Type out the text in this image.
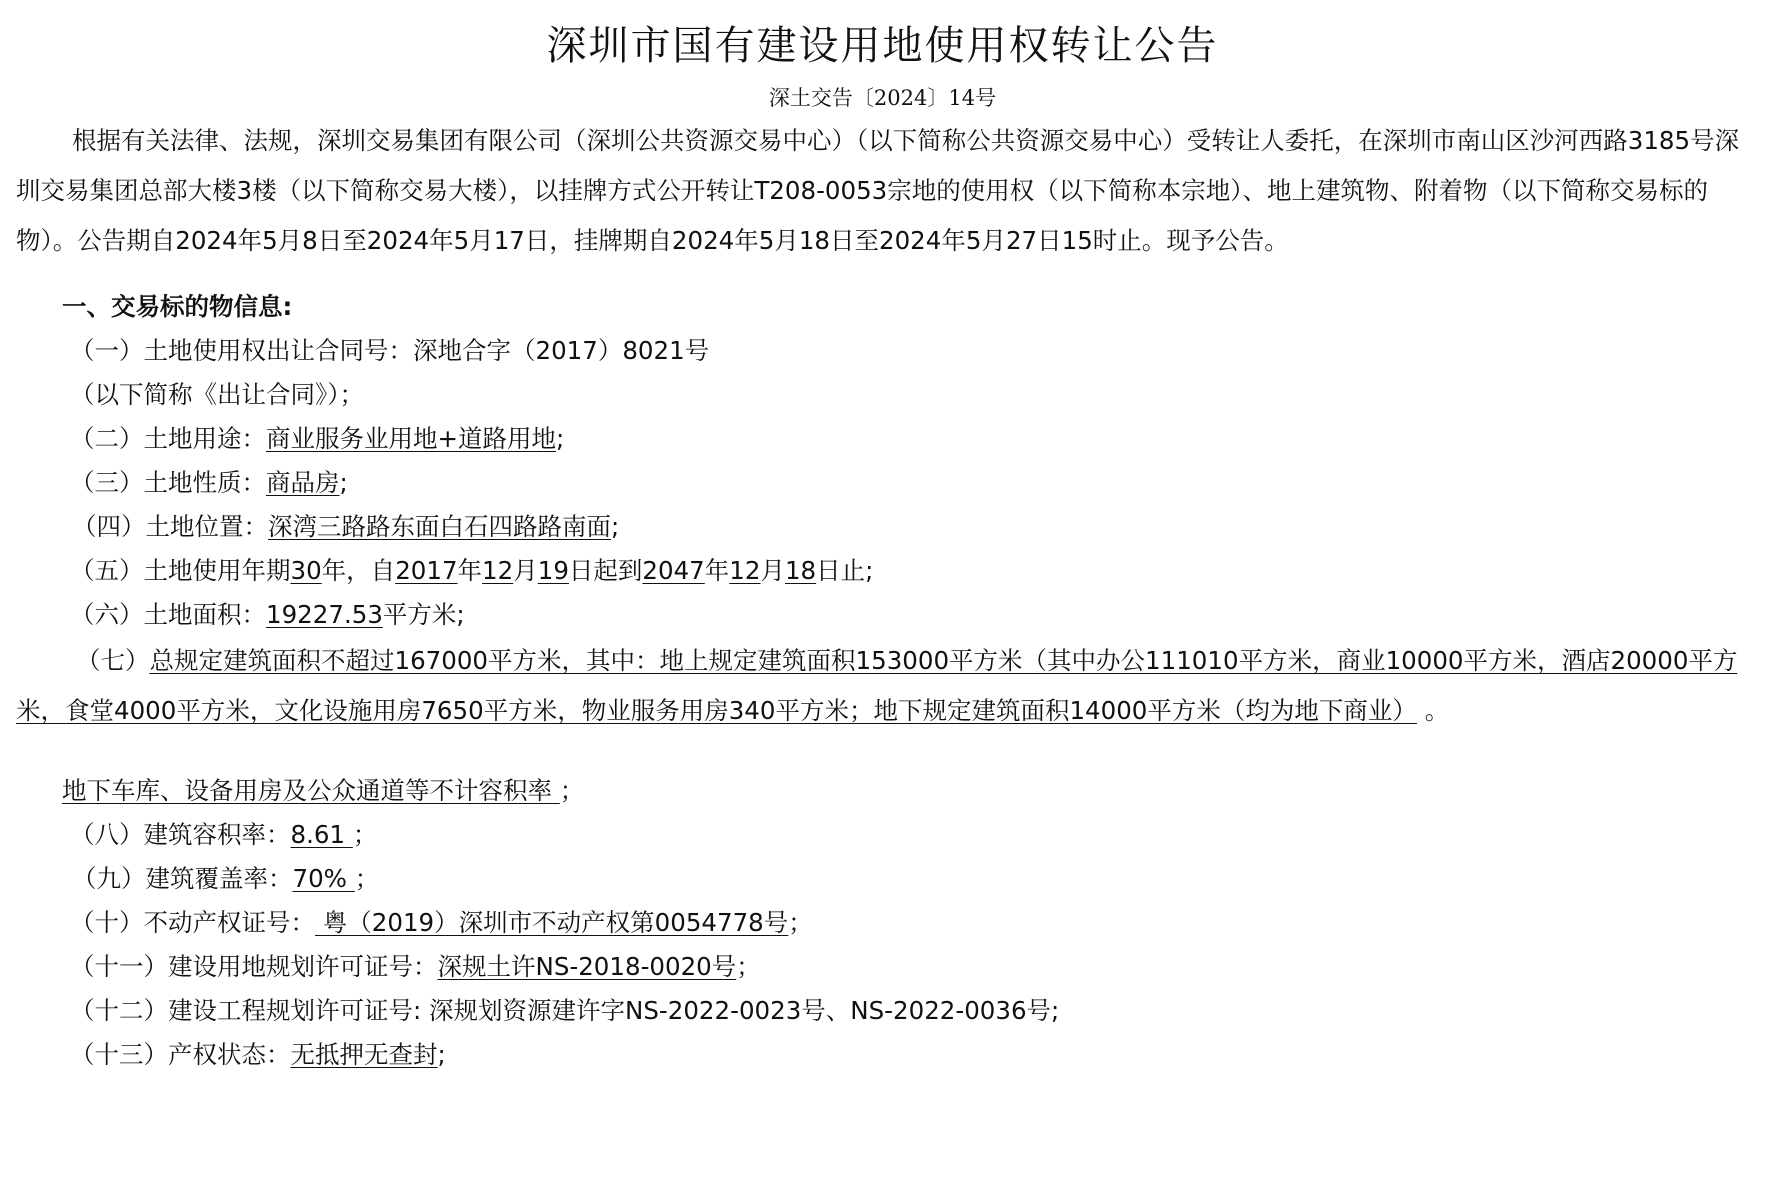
深圳市国有建设用地使用权转让公告
深土交告〔2024〕14号

根据有关法律、法规，深圳交易集团有限公司（深圳公共资源交易中心）（以下简称公共资源交易中心）受转让人委托，在深圳市南山区沙河西路3185号深圳交易集团总部大楼3楼（以下简称交易大楼），以挂牌方式公开转让T208-0053宗地的使用权（以下简称本宗地）、地上建筑物、附着物（以下简称交易标的物）。公告期自2024年5月8日至2024年5月17日，挂牌期自2024年5月18日至2024年5月27日15时止。现予公告。

一、交易标的物信息:
（一）土地使用权出让合同号：深地合字（2017）8021号
（以下简称《出让合同》）；
（二）土地用途：商业服务业用地+道路用地;
（三）土地性质：商品房;
（四）土地位置：深湾三路路东面白石四路路南面;
（五）土地使用年期30年，自2017年12月19日起到2047年12月18日止;
（六）土地面积：19227.53平方米;

（七）总规定建筑面积不超过167000平方米，其中：地上规定建筑面积153000平方米（其中办公111010平方米，商业10000平方米，酒店20000平方米，食堂4000平方米，文化设施用房7650平方米，物业服务用房340平方米；地下规定建筑面积14000平方米（均为地下商业） 。

地下车库、设备用房及公众通道等不计容积率 ；
（八）建筑容积率：8.61 ；
（九）建筑覆盖率：70% ；
（十）不动产权证号： 粤（2019）深圳市不动产权第0054778号；
（十一）建设用地规划许可证号：深规土许NS-2018-0020号；
（十二）建设工程规划许可证号: 深规划资源建许字NS-2022-0023号、NS-2022-0036号;
（十三）产权状态：无抵押无查封;
